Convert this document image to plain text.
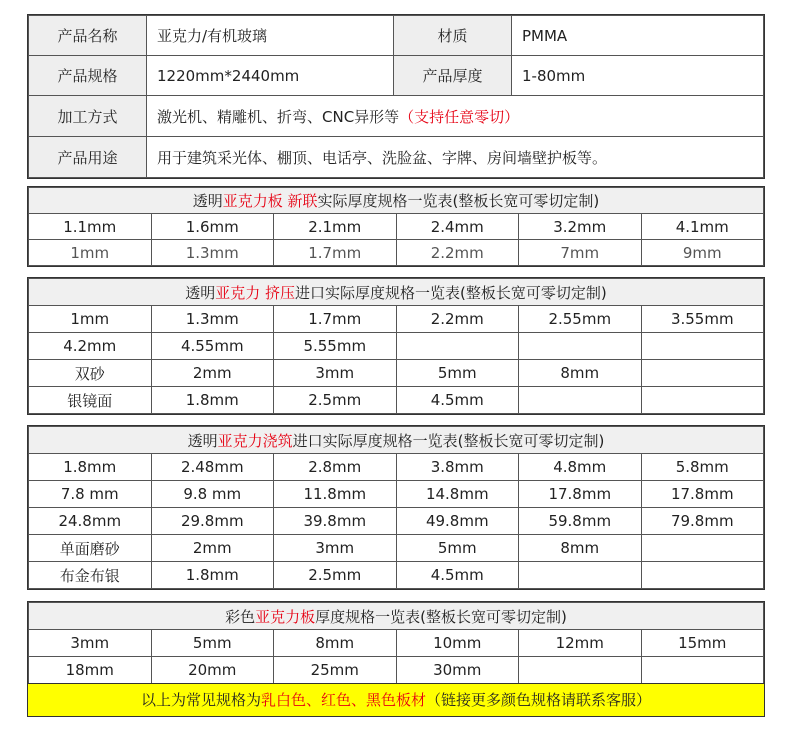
产品名称	亚克力/有机玻璃	材质	PMMA
产品规格	1220mm*2440mm	产品厚度	1-80mm
加工方式	激光机、精雕机、折弯、CNC异形等（支持任意零切）		
产品用途	用于建筑采光体、棚顶、电话亭、洗脸盆、字牌、房间墙壁护板等。		
透明亚克力板 新联实际厚度规格一览表(整板长宽可零切定制)					
1.1mm	1.6mm	2.1mm	2.4mm	3.2mm	4.1mm
1mm	1.3mm	1.7mm	2.2mm	7mm	9mm
透明亚克力 挤压进口实际厚度规格一览表(整板长宽可零切定制)					
1mm	1.3mm	1.7mm	2.2mm	2.55mm	3.55mm
4.2mm	4.55mm	5.55mm			
双砂	2mm	3mm	5mm	8mm	
银镜面	1.8mm	2.5mm	4.5mm		
透明亚克力浇筑进口实际厚度规格一览表(整板长宽可零切定制)					
1.8mm	2.48mm	2.8mm	3.8mm	4.8mm	5.8mm
7.8 mm	9.8 mm	11.8mm	14.8mm	17.8mm	17.8mm
24.8mm	29.8mm	39.8mm	49.8mm	59.8mm	79.8mm
单面磨砂	2mm	3mm	5mm	8mm	
布金布银	1.8mm	2.5mm	4.5mm		
彩色亚克力板厚度规格一览表(整板长宽可零切定制)					
3mm	5mm	8mm	10mm	12mm	15mm
18mm	20mm	25mm	30mm		
以上为常见规格为乳白色、红色、黑色板材（链接更多颜色规格请联系客服）
